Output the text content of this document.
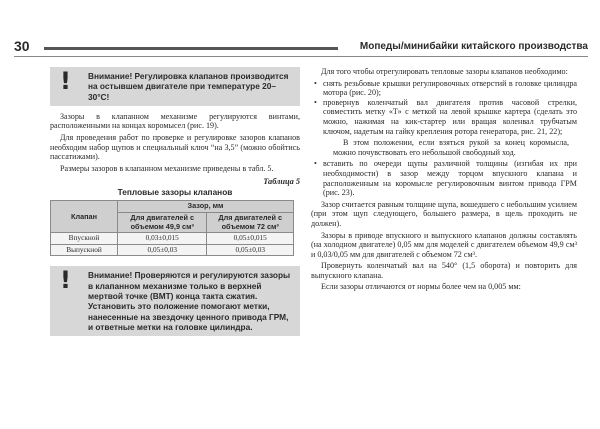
30	Мопеды/минибайки китайского производства
! Внимание! Регулировка клапанов производится на остывшем двигателе при температуре 20–30°С!

Зазоры в клапанном механизме регулируются винтами, расположенными на концах коромысел (рис. 19).

Для проведения работ по проверке и регулировке зазоров клапанов необходим набор щупов и специальный ключ “на 3,5” (можно обойтись пассатижами).

Размеры зазоров в клапанном механизме приведены в табл. 5.

Таблица 5

Тепловые зазоры клапанов

Клапан	Зазор, мм	
	Для двигателей с объемом 49,9 см³	Для двигателей с объемом 72 см³
Впускной	0,03±0,015	0,05±0,015
Выпускной	0,05±0,03	0,05±0,03
! Внимание! Проверяются и регулируются зазоры в клапанном механизме только в верхней мертвой точке (ВМТ) конца такта сжатия. Установить это положение помогают метки, нанесенные на звездочку ценного привода ГРМ, и ответные метки на головке цилиндра.

Для того чтобы отрегулировать тепловые зазоры клапанов необходимо:

• снять резьбовые крышки регулировочных отверстий в головке цилиндра мотора (рис. 20);
• провернув коленчатый вал двигателя против часовой стрелки, совместить метку «Т» с меткой на левой крышке картера (сделать это можно, нажимая на кик-стартер или вращая коленвал трубчатым ключом, надетым на гайку крепления ротора генератора, рис. 21, 22);

В этом положении, если взяться рукой за конец коромысла, можно почувствовать его небольшой свободный ход.

• вставить по очереди щупы различной толщины (изгибая их при необходимости) в зазор между торцом впускного клапана и расположенным на коромысле регулировочным винтом привода ГРМ (рис. 23).

Зазор считается равным толщине щупа, вошедшего с небольшим усилием (при этом щуп следующего, большего размера, в щель проходить не должен).

Зазоры в приводе впускного и выпускного клапанов должны составлять (на холодном двигателе) 0,05 мм для моделей с двигателем объемом 49,9 см³ и 0,03/0,05 мм для двигателей с объемом 72 см³.

Провернуть коленчатый вал на 540° (1,5 оборота) и повторить для выпускного клапана.

Если зазоры отличаются от нормы более чем на 0,005 мм:
